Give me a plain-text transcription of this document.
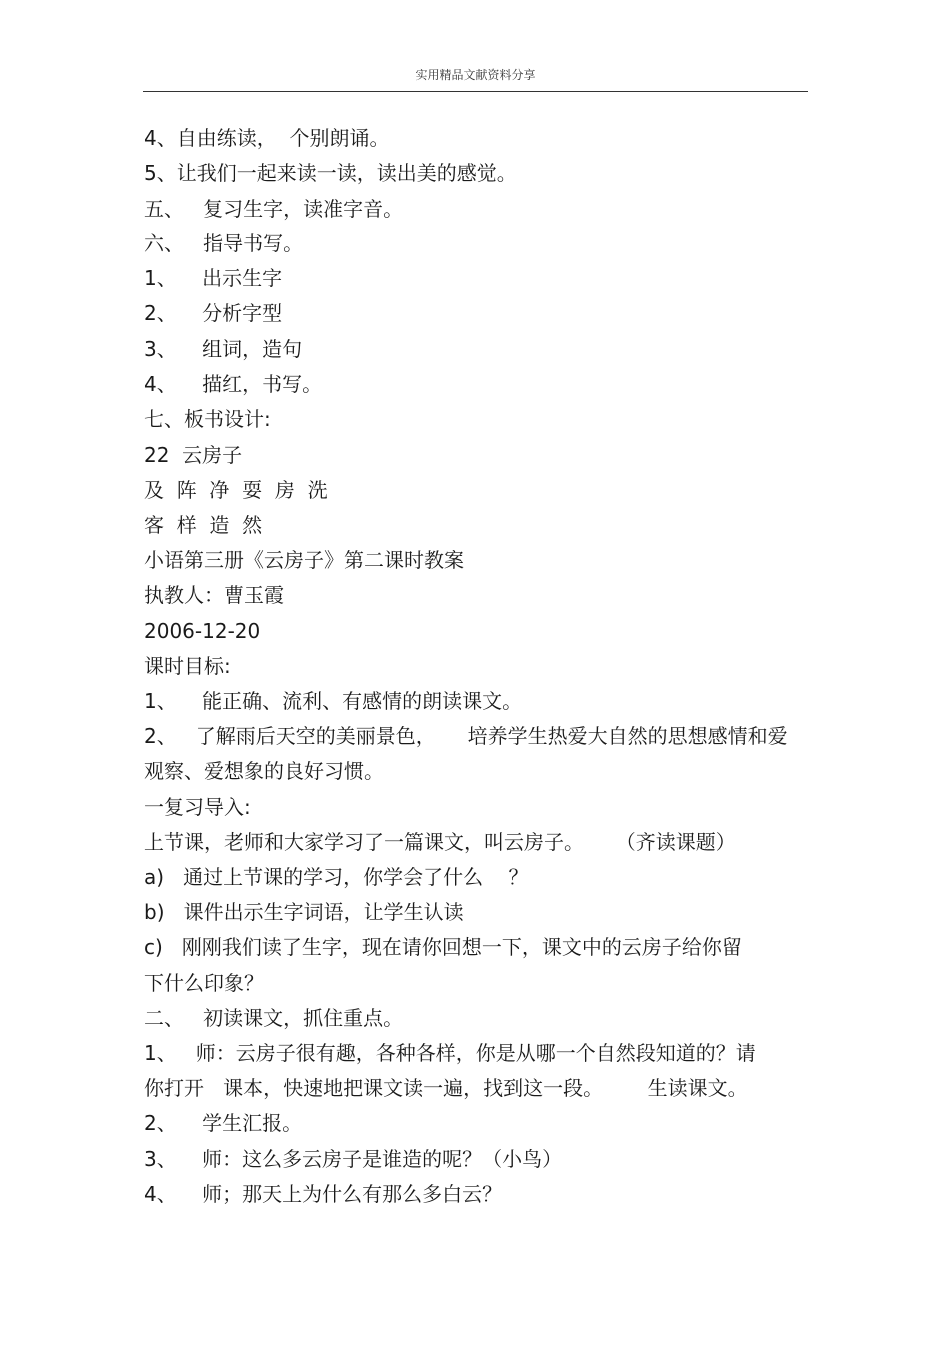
实用精品文献资料分享
4、自由练读，  个别朗诵。
5、让我们一起来读一读，读出美的感觉。
五、   复习生字，读准字音。
六、   指导书写。
1、    出示生字
2、    分析字型
3、    组词，造句
4、    描红，书写。
七、板书设计:
22  云房子
及  阵  净  耍  房  洗
客  样  造  然
小语第三册《云房子》第二课时教案
执教人：曹玉霞
2006-12-20
课时目标:
1、    能正确、流利、有感情的朗读课文。
2、   了解雨后天空的美丽景色，     培养学生热爱大自然的思想感情和爱
观察、爱想象的良好习惯。
一复习导入:
上节课，老师和大家学习了一篇课文，叫云房子。     （齐读课题）
a)   通过上节课的学习，你学会了什么    ？
b)   课件出示生字词语，让学生认读
c)   刚刚我们读了生字，现在请你回想一下，课文中的云房子给你留
下什么印象？
二、   初读课文，抓住重点。
1、   师：云房子很有趣，各种各样，你是从哪一个自然段知道的？请
你打开   课本，快速地把课文读一遍，找到这一段。       生读课文。
2、    学生汇报。
3、    师：这么多云房子是谁造的呢？（小鸟）
4、    师；那天上为什么有那么多白云？
